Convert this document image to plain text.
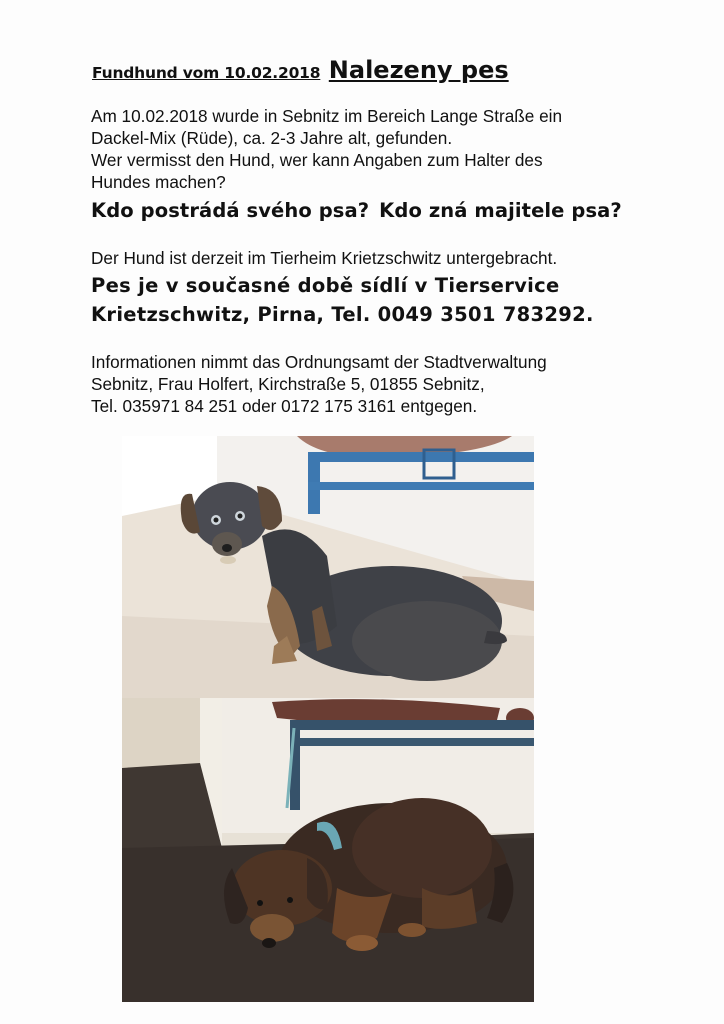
Fundhund vom 10.02.2018 Nalezeny pes

Am 10.02.2018 wurde in Sebnitz im Bereich Lange Straße ein
Dackel-Mix (Rüde), ca. 2-3 Jahre alt, gefunden.
Wer vermisst den Hund, wer kann Angaben zum Halter des
Hundes machen?

Kdo postrádá svého psa? Kdo zná majitele psa?

Der Hund ist derzeit im Tierheim Krietzschwitz untergebracht.

Pes je v současné době sídlí v Tierservice
Krietzschwitz, Pirna, Tel. 0049 3501 783292.

Informationen nimmt das Ordnungsamt der Stadtverwaltung
Sebnitz, Frau Holfert, Kirchstraße 5, 01855 Sebnitz,
Tel. 035971 84 251 oder 0172 175 3161 entgegen.
